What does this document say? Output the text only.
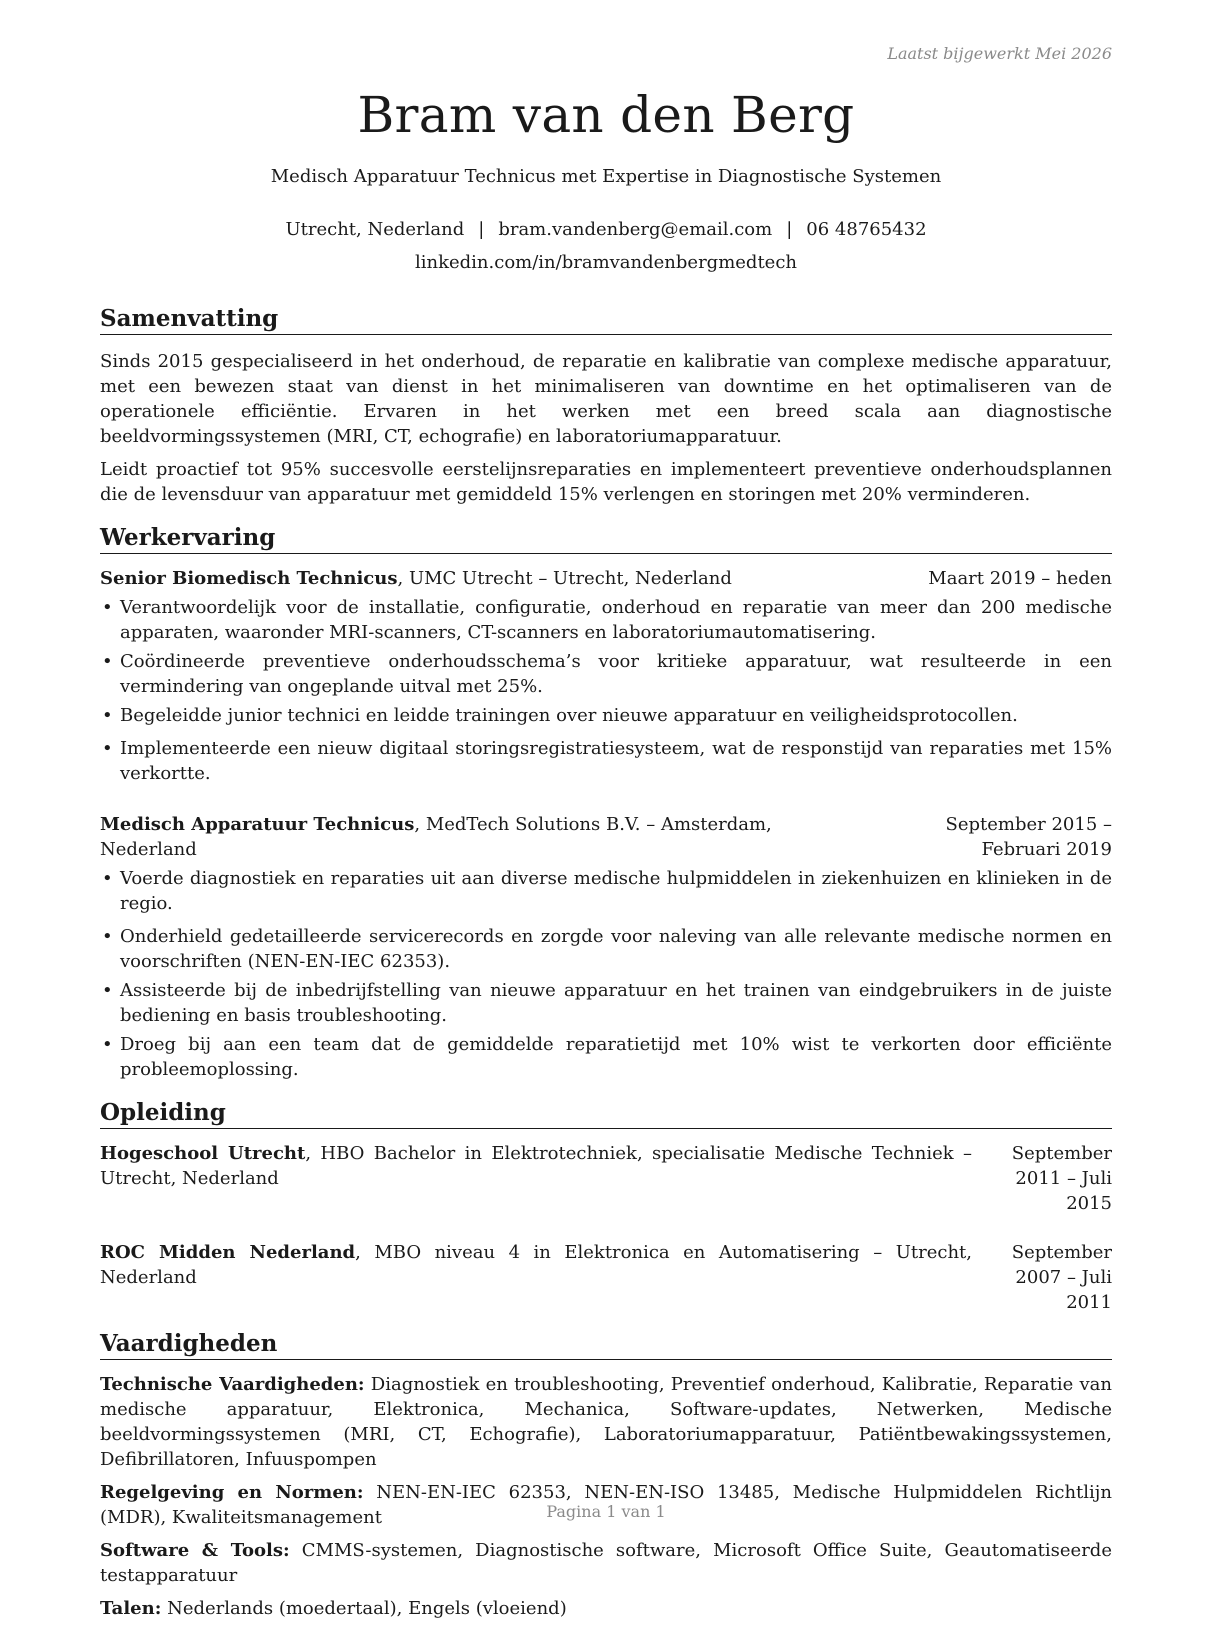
Laatst bijgewerkt Mei 2026
Bram van den Berg
Medisch Apparatuur Technicus met Expertise in Diagnostische Systemen
Utrecht, Nederland | bram.vandenberg@email.com | 06 48765432
linkedin.com/in/bramvandenbergmedtech
Samenvatting

Sinds 2015 gespecialiseerd in het onderhoud, de reparatie en kalibratie van complexe medische apparatuur, met een bewezen staat van dienst in het minimaliseren van downtime en het optimaliseren van de operationele efficiëntie. Ervaren in het werken met een breed scala aan diagnostische beeldvormingssystemen (MRI, CT, echografie) en laboratoriumapparatuur.

Leidt proactief tot 95% succesvolle eerstelijnsreparaties en implementeert preventieve onderhoudsplannen die de levensduur van apparatuur met gemiddeld 15% verlengen en storingen met 20% verminderen.

Werkervaring
Senior Biomedisch Technicus, UMC Utrecht – Utrecht, Nederland	Maart 2019 – heden
• Verantwoordelijk voor de installatie, configuratie, onderhoud en reparatie van meer dan 200 medische apparaten, waaronder MRI-scanners, CT-scanners en laboratoriumautomatisering.
• Coördineerde preventieve onderhoudsschema’s voor kritieke apparatuur, wat resulteerde in een vermindering van ongeplande uitval met 25%.
• Begeleidde junior technici en leidde trainingen over nieuwe apparatuur en veiligheidsprotocollen.
• Implementeerde een nieuw digitaal storingsregistratiesysteem, wat de responstijd van reparaties met 15% verkortte.
Medisch Apparatuur Technicus, MedTech Solutions B.V. – Amsterdam, Nederland
September 2015 – Februari 2019
• Voerde diagnostiek en reparaties uit aan diverse medische hulpmiddelen in ziekenhuizen en klinieken in de regio.
• Onderhield gedetailleerde servicerecords en zorgde voor naleving van alle relevante medische normen en voorschriften (NEN-EN-IEC 62353).
• Assisteerde bij de inbedrijfstelling van nieuwe apparatuur en het trainen van eindgebruikers in de juiste bediening en basis troubleshooting.
• Droeg bij aan een team dat de gemiddelde reparatietijd met 10% wist te verkorten door efficiënte probleemoplossing.
Opleiding
Hogeschool Utrecht, HBO Bachelor in Elektrotechniek, specialisatie Medische Techniek – Utrecht, Nederland
September 2011 – Juli 2015
ROC Midden Nederland, MBO niveau 4 in Elektronica en Automatisering – Utrecht, Nederland
September 2007 – Juli 2011
Vaardigheden
Technische Vaardigheden: Diagnostiek en troubleshooting, Preventief onderhoud, Kalibratie, Reparatie van medische apparatuur, Elektronica, Mechanica, Software-updates, Netwerken, Medische beeldvormingssystemen (MRI, CT, Echografie), Laboratoriumapparatuur, Patiëntbewakingssystemen, Defibrillatoren, Infuuspompen
Regelgeving en Normen: NEN-EN-IEC 62353, NEN-EN-ISO 13485, Medische Hulpmiddelen Richtlijn (MDR), Kwaliteitsmanagement
Software & Tools: CMMS-systemen, Diagnostische software, Microsoft Office Suite, Geautomatiseerde testapparatuur
Talen: Nederlands (moedertaal), Engels (vloeiend)
Pagina 1 van 1
